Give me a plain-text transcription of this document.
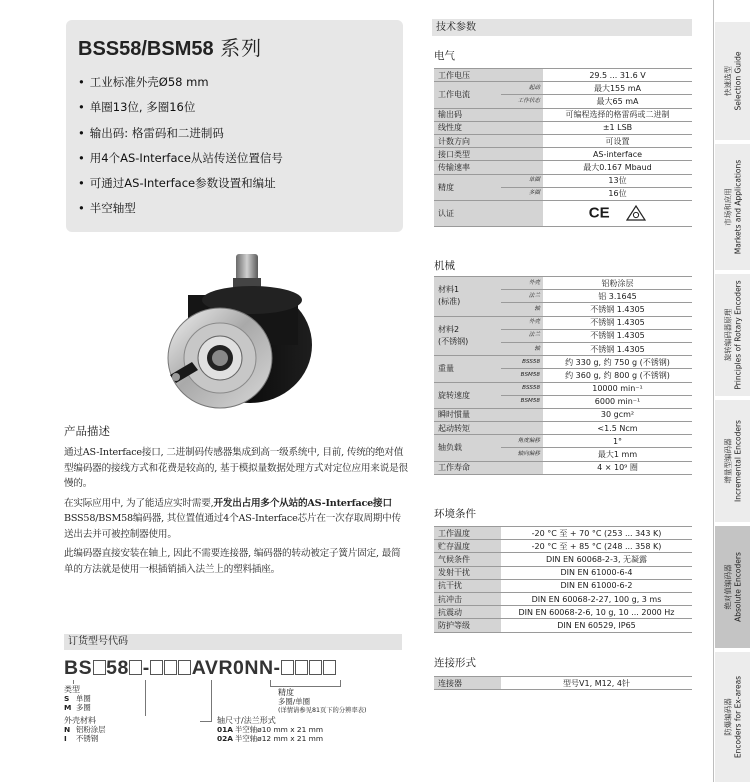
BSS58/BSM58 系列
• 工业标准外壳Ø58 mm
• 单圈13位, 多圈16位
• 输出码: 格雷码和二进制码
• 用4个AS-Interface从站传送位置信号
• 可通过AS-Interface参数设置和编址
• 半空轴型
产品描述

通过AS-Interface接口, 二进制码传感器集成到高一级系统中, 目前, 传统的绝对值型编码器的接线方式和花费是较高的, 基于模拟量数据处理方式对定位应用来说是很慢的。

在实际应用中, 为了能适应实时需要,开发出占用多个从站的AS-Interface接口BSS58/BSM58编码器, 其位置值通过4个AS-Interface芯片在一次存取周期中传送出去并可被控制器使用。

此编码器直接安装在轴上, 因此不需要连接器, 编码器的转动被定子簧片固定, 最简单的方法就是使用一根插销插入法兰上的塑料插座。

订货型号代码
BS 58 - AVR0NN-
类型
S 单圈
M 多圈
外壳材料
N 铝粉涂层
I 不锈钢
轴尺寸/法兰形式
01A 半空轴ø10 mm x 21 mm
02A 半空轴ø12 mm x 21 mm
精度
多圈/单圈
(详情请参见81页下的分辨率表)
技术参数
电气
工作电压		29.5 ... 31.6 V
工作电流	起动	最大155 mA
	工作状态	最大65 mA
输出码		可编程选择的格雷码或二进制
线性度		±1 LSB
计数方向		可设置
接口类型		AS-interface
传输速率		最大0.167 Mbaud
精度	单圈	13位
	多圈	16位
认证		CE
机械
材料1
(标准)	外壳	铝粉涂层
	法兰	铝 3.1645
	轴	不锈钢 1.4305

材料2
(不锈钢)	外壳	不锈钢 1.4305
	法兰	不锈钢 1.4305
	轴	不锈钢 1.4305
重量	BSS58	约 330 g, 约 750 g (不锈钢)
	BSM58	约 360 g, 约 800 g (不锈钢)
旋转速度	BSS58	10000 min⁻¹
	BSM58	6000 min⁻¹
瞬时惯量		30 gcm²
起动转矩		<1.5 Ncm
轴负载	角度偏移	1°
	轴向偏移	最大1 mm
工作寿命		4 × 10⁹ 圈
环境条件
工作温度	-20 °C 至 + 70 °C (253 ... 343 K)
贮存温度	-20 °C 至 + 85 °C (248 ... 358 K)
气候条件	DIN EN 60068-2-3, 无凝露
发射干扰	DIN EN 61000-6-4
抗干扰	DIN EN 61000-6-2
抗冲击	DIN EN 60068-2-27, 100 g, 3 ms
抗震动	DIN EN 60068-2-6, 10 g, 10 ... 2000 Hz
防护等级	DIN EN 60529, IP65
连接形式
连接器	型号V1, M12, 4针
快速选型 Selection Guide
市场和应用 Markets and Applications
旋转编码器原理 Principles of Rotary Encoders
增量型编码器 Incremental Encoders
绝对值编码器 Absolute Encoders
防爆编码器 Encoders for Ex-areas
